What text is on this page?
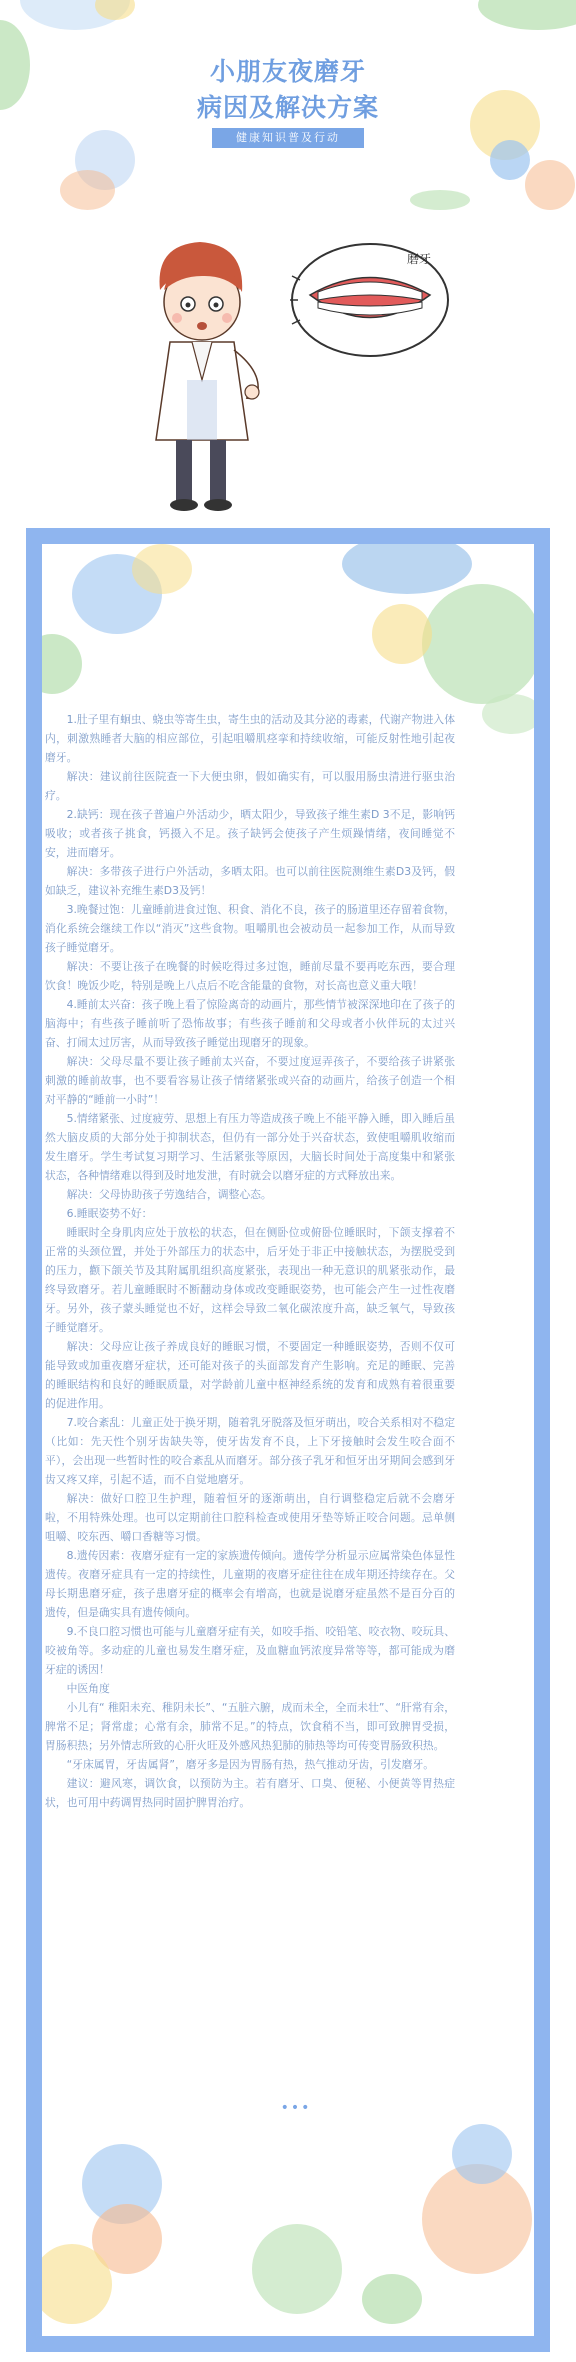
小朋友夜磨牙
病因及解决方案
健康知识普及行动
磨牙

1.肚子里有蛔虫、蛲虫等寄生虫，寄生虫的活动及其分泌的毒素，代谢产物进入体内，刺激熟睡者大脑的相应部位，引起咀嚼肌痉挛和持续收缩，可能反射性地引起夜磨牙。

解决：建议前往医院查一下大便虫卵，假如确实有，可以服用肠虫清进行驱虫治疗。

2.缺钙：现在孩子普遍户外活动少，晒太阳少，导致孩子维生素D 3不足，影响钙吸收；或者孩子挑食，钙摄入不足。孩子缺钙会使孩子产生烦躁情绪，夜间睡觉不安，进而磨牙。

解决：多带孩子进行户外活动，多晒太阳。也可以前往医院测维生素D3及钙，假如缺乏，建议补充维生素D3及钙！

3.晚餐过饱：儿童睡前进食过饱、积食、消化不良，孩子的肠道里还存留着食物，消化系统会继续工作以“消灭”这些食物。咀嚼肌也会被动员一起参加工作，从而导致孩子睡觉磨牙。

解决：不要让孩子在晚餐的时候吃得过多过饱，睡前尽量不要再吃东西，要合理饮食！晚饭少吃，特别是晚上八点后不吃含能量的食物，对长高也意义重大哦！

4.睡前太兴奋：孩子晚上看了惊险离奇的动画片，那些情节被深深地印在了孩子的脑海中；有些孩子睡前听了恐怖故事；有些孩子睡前和父母或者小伙伴玩的太过兴奋、打闹太过厉害，从而导致孩子睡觉出现磨牙的现象。

解决：父母尽量不要让孩子睡前太兴奋，不要过度逗弄孩子，不要给孩子讲紧张刺激的睡前故事，也不要看容易让孩子情绪紧张或兴奋的动画片，给孩子创造一个相对平静的“睡前一小时”！

5.情绪紧张、过度疲劳、思想上有压力等造成孩子晚上不能平静入睡，即入睡后虽然大脑皮质的大部分处于抑制状态，但仍有一部分处于兴奋状态，致使咀嚼肌收缩而发生磨牙。学生考试复习期学习、生活紧张等原因，大脑长时间处于高度集中和紧张状态，各种情绪难以得到及时地发泄，有时就会以磨牙症的方式释放出来。

解决：父母协助孩子劳逸结合，调整心态。

6.睡眠姿势不好：

睡眠时全身肌肉应处于放松的状态，但在侧卧位或俯卧位睡眠时，下颌支撑着不正常的头颈位置，并处于外部压力的状态中，后牙处于非正中接触状态，为摆脱受到的压力，颧下颌关节及其附属肌组织高度紧张，表现出一种无意识的肌紧张动作，最终导致磨牙。若儿童睡眠时不断翻动身体或改变睡眠姿势，也可能会产生一过性夜磨牙。另外，孩子蒙头睡觉也不好，这样会导致二氧化碳浓度升高，缺乏氧气，导致孩子睡觉磨牙。

解决：父母应让孩子养成良好的睡眠习惯，不要固定一种睡眠姿势，否则不仅可能导致或加重夜磨牙症状，还可能对孩子的头面部发育产生影响。充足的睡眠、完善的睡眠结构和良好的睡眠质量，对学龄前儿童中枢神经系统的发育和成熟有着很重要的促进作用。

7.咬合紊乱：儿童正处于换牙期，随着乳牙脱落及恒牙萌出，咬合关系相对不稳定（比如：先天性个别牙齿缺失等，使牙齿发育不良，上下牙接触时会发生咬合面不平），会出现一些暂时性的咬合紊乱从而磨牙。部分孩子乳牙和恒牙出牙期间会感到牙齿又疼又痒，引起不适，而不自觉地磨牙。

解决：做好口腔卫生护理，随着恒牙的逐渐萌出，自行调整稳定后就不会磨牙啦，不用特殊处理。也可以定期前往口腔科检查或使用牙垫等矫正咬合问题。忌单侧咀嚼、咬东西、嚼口香糖等习惯。

8.遗传因素：夜磨牙症有一定的家族遗传倾向。遗传学分析显示应属常染色体显性遗传。夜磨牙症具有一定的持续性，儿童期的夜磨牙症往往在成年期还持续存在。父母长期患磨牙症，孩子患磨牙症的概率会有增高，也就是说磨牙症虽然不是百分百的遗传，但是确实具有遗传倾向。

9.不良口腔习惯也可能与儿童磨牙症有关，如咬手指、咬铅笔、咬衣物、咬玩具、咬被角等。多动症的儿童也易发生磨牙症，及血糖血钙浓度异常等等，都可能成为磨牙症的诱因！

中医角度

小儿有“ 稚阳未充、稚阴未长”、“五脏六腑，成而未全，全而未壮”、“肝常有余，脾常不足；肾常虚；心常有余，肺常不足。”的特点，饮食稍不当，即可致脾胃受损，胃肠积热；另外情志所致的心肝火旺及外感风热犯肺的肺热等均可传变胃肠致积热。

“牙床属胃，牙齿属肾”，磨牙多是因为胃肠有热，热气推动牙齿，引发磨牙。

建议：避风寒，调饮食，以预防为主。若有磨牙、口臭、便秘、小便黄等胃热症状，也可用中药调胃热同时固护脾胃治疗。

•••
